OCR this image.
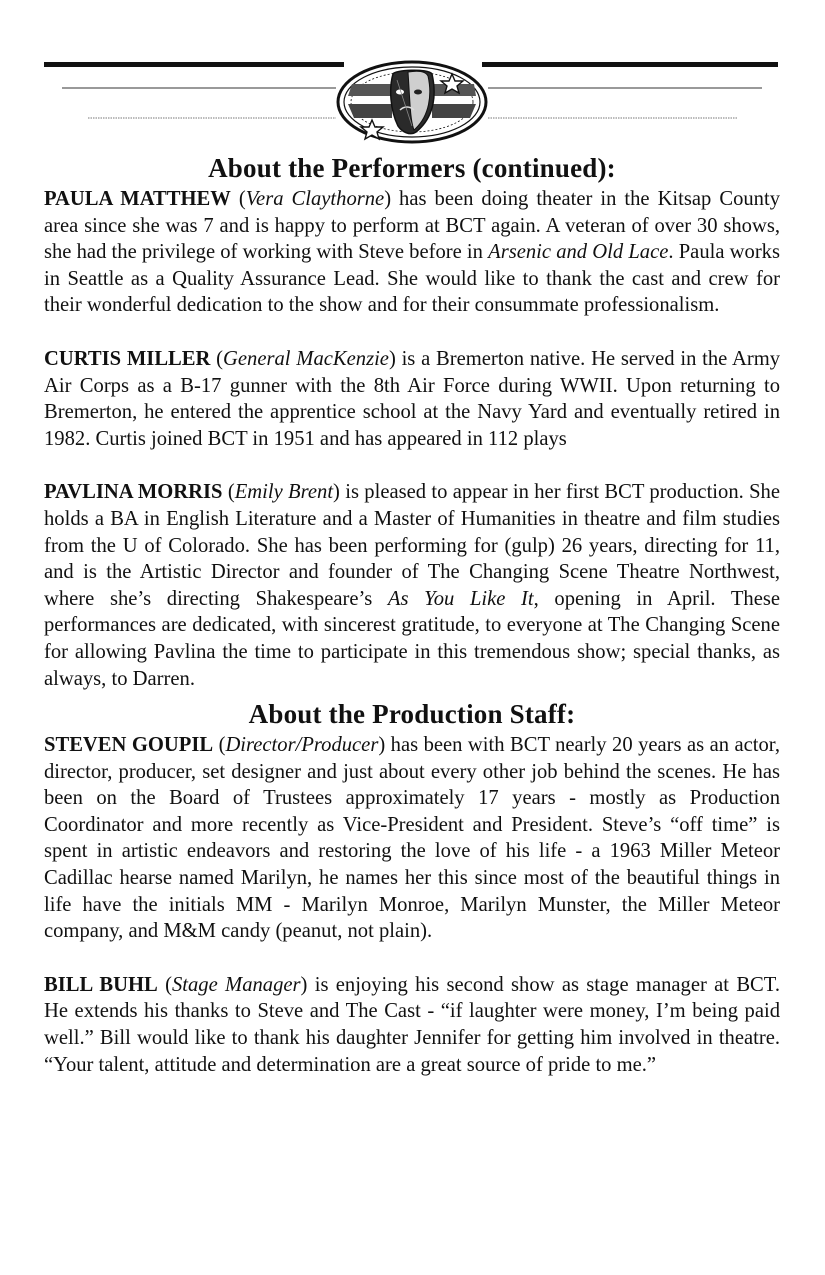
About the Performers (continued):

PAULA MATTHEW (Vera Claythorne) has been doing theater in the Kitsap County area since she was 7 and is happy to perform at BCT again. A veteran of over 30 shows, she had the privilege of working with Steve before in Arsenic and Old Lace. Paula works in Seattle as a Quality Assurance Lead. She would like to thank the cast and crew for their wonderful dedication to the show and for their consummate professionalism.

CURTIS MILLER (General MacKenzie) is a Bremerton native. He served in the Army Air Corps as a B-17 gunner with the 8th Air Force during WWII. Upon returning to Bremerton, he entered the apprentice school at the Navy Yard and eventually retired in 1982. Curtis joined BCT in 1951 and has appeared in 112 plays

PAVLINA MORRIS (Emily Brent) is pleased to appear in her first BCT production. She holds a BA in English Literature and a Master of Humanities in theatre and film studies from the U of Colorado. She has been performing for (gulp) 26 years, directing for 11, and is the Artistic Director and founder of The Changing Scene Theatre Northwest, where she’s directing Shakespeare’s As You Like It, opening in April. These performances are dedicated, with sincerest gratitude, to everyone at The Changing Scene for allowing Pavlina the time to participate in this tremendous show; special thanks, as always, to Darren.

About the Production Staff:

STEVEN GOUPIL (Director/Producer) has been with BCT nearly 20 years as an actor, director, producer, set designer and just about every other job behind the scenes. He has been on the Board of Trustees approximately 17 years - mostly as Production Coordinator and more recently as Vice-President and President. Steve’s “off time” is spent in artistic endeavors and restoring the love of his life - a 1963 Miller Meteor Cadillac hearse named Marilyn, he names her this since most of the beautiful things in life have the initials MM - Marilyn Monroe, Marilyn Munster, the Miller Meteor company, and M&M candy (peanut, not plain).

BILL BUHL (Stage Manager) is enjoying his second show as stage manager at BCT. He extends his thanks to Steve and The Cast - “if laughter were money, I’m being paid well.” Bill would like to thank his daughter Jennifer for getting him involved in theatre. “Your talent, attitude and determination are a great source of pride to me.”
